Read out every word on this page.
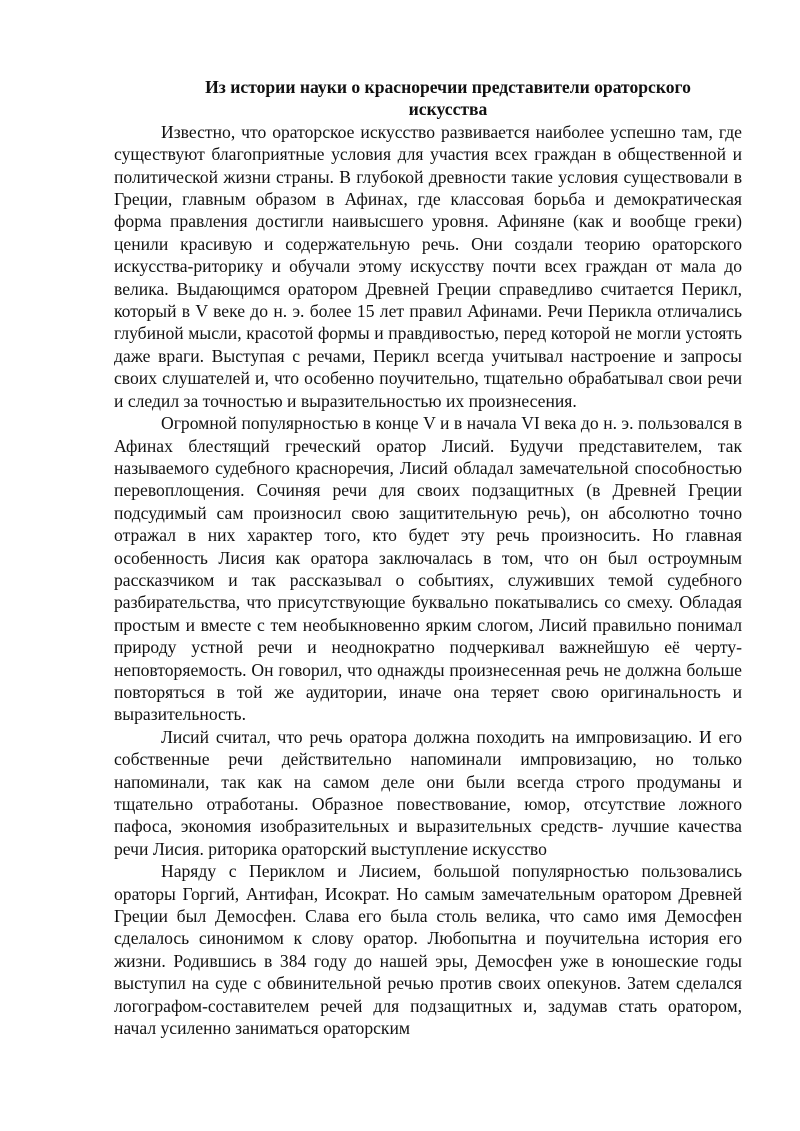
Из истории науки о красноречии представители ораторского искусства

Известно, что ораторское искусство развивается наиболее успешно там, где существуют благоприятные условия для участия всех граждан в общественной и политической жизни страны. В глубокой древности такие условия существовали в Греции, главным образом в Афинах, где классовая борьба и демократическая форма правления достигли наивысшего уровня. Афиняне (как и вообще греки) ценили красивую и содержательную речь. Они создали теорию ораторского искусства-риторику и обучали этому искусству почти всех граждан от мала до велика. Выдающимся оратором Древней Греции справедливо считается Перикл, который в V веке до н. э. более 15 лет правил Афинами. Речи Перикла отличались глубиной мысли, красотой формы и правдивостью, перед которой не могли устоять даже враги. Выступая с речами, Перикл всегда учитывал настроение и запросы своих слушателей и, что особенно поучительно, тщательно обрабатывал свои речи и следил за точностью и выразительностью их произнесения.

Огромной популярностью в конце V и в начала VI века до н. э. пользовался в Афинах блестящий греческий оратор Лисий. Будучи представителем, так называемого судебного красноречия, Лисий обладал замечательной способностью перевоплощения. Сочиняя речи для своих подзащитных (в Древней Греции подсудимый сам произносил свою защитительную речь), он абсолютно точно отражал в них характер того, кто будет эту речь произносить. Но главная особенность Лисия как оратора заключалась в том, что он был остроумным рассказчиком и так рассказывал о событиях, служивших темой судебного разбирательства, что присутствующие буквально покатывались со смеху. Обладая простым и вместе с тем необыкновенно ярким слогом, Лисий правильно понимал природу устной речи и неоднократно подчеркивал важнейшую её черту-неповторяемость. Он говорил, что однажды произнесенная речь не должна больше повторяться в той же аудитории, иначе она теряет свою оригинальность и выразительность.

Лисий считал, что речь оратора должна походить на импровизацию. И его собственные речи действительно напоминали импровизацию, но только напоминали, так как на самом деле они были всегда строго продуманы и тщательно отработаны. Образное повествование, юмор, отсутствие ложного пафоса, экономия изобразительных и выразительных средств- лучшие качества речи Лисия. риторика ораторский выступление искусство

Наряду с Периклом и Лисием, большой популярностью пользовались ораторы Горгий, Антифан, Исократ. Но самым замечательным оратором Древней Греции был Демосфен. Слава его была столь велика, что само имя Демосфен сделалось синонимом к слову оратор. Любопытна и поучительна история его жизни. Родившись в 384 году до нашей эры, Демосфен уже в юношеские годы выступил на суде с обвинительной речью против своих опекунов. Затем сделался логографом-составителем речей для подзащитных и, задумав стать оратором, начал усиленно заниматься ораторским
